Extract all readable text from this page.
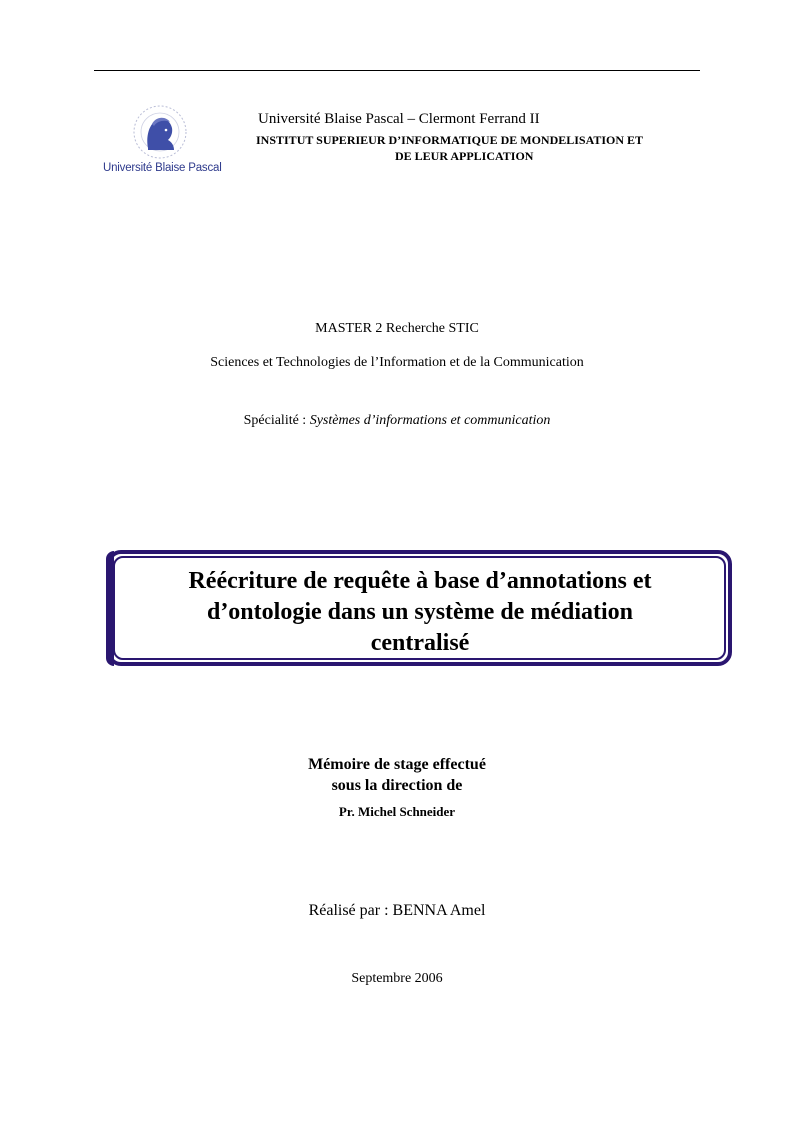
Université Blaise Pascal
Université Blaise Pascal – Clermont Ferrand II
INSTITUT SUPERIEUR D’INFORMATIQUE DE MONDELISATION ET
DE LEUR APPLICATION
MASTER 2 Recherche STIC
Sciences et Technologies de l’Information et de la Communication
Spécialité : Systèmes d’informations et communication
Réécriture de requête à base d’annotations et
d’ontologie dans un système de médiation
centralisé
Mémoire de stage effectué
sous la direction de
Pr. Michel Schneider
Réalisé par : BENNA Amel
Septembre 2006
